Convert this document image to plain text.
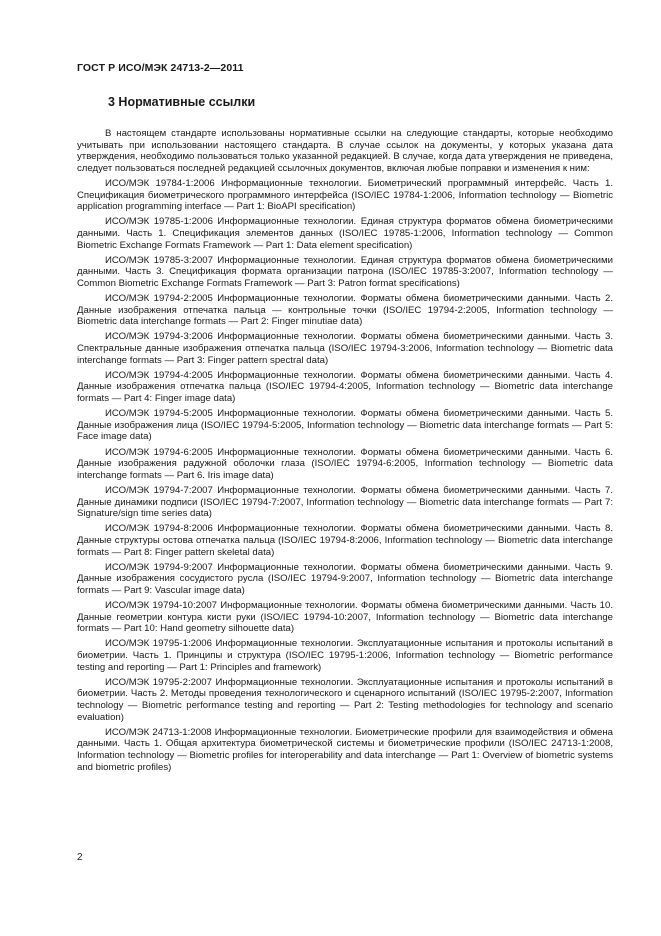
ГОСТ Р ИСО/МЭК 24713-2—2011
3 Нормативные ссылки

В настоящем стандарте использованы нормативные ссылки на следующие стандарты, которые необходимо учитывать при использовании настоящего стандарта. В случае ссылок на документы, у которых указана дата утверждения, необходимо пользоваться только указанной редакцией. В случае, когда дата утверждения не приведена, следует пользоваться последней редакцией ссылочных документов, включая любые поправки и изменения к ним:

ИСО/МЭК 19784-1:2006 Информационные технологии. Биометрический программный интерфейс. Часть 1. Спецификация биометрического программного интерфейса (ISO/IEC 19784-1:2006, Information technology — Biometric application programming interface — Part 1: BioAPI specification)

ИСО/МЭК 19785-1:2006 Информационные технологии. Единая структура форматов обмена биометрическими данными. Часть 1. Спецификация элементов данных (ISO/IEC 19785-1:2006, Information technology — Common Biometric Exchange Formats Framework — Part 1: Data element specification)

ИСО/МЭК 19785-3:2007 Информационные технологии. Единая структура форматов обмена биометрическими данными. Часть 3. Спецификация формата организации патрона (ISO/IEC 19785-3:2007, Information technology — Common Biometric Exchange Formats Framework — Part 3: Patron format specifications)

ИСО/МЭК 19794-2:2005 Информационные технологии. Форматы обмена биометрическими данными. Часть 2. Данные изображения отпечатка пальца — контрольные точки (ISO/IEC 19794-2:2005, Information technology — Biometric data interchange formats — Part 2: Finger minutiae data)

ИСО/МЭК 19794-3:2006 Информационные технологии. Форматы обмена биометрическими данными. Часть 3. Спектральные данные изображения отпечатка пальца (ISO/IEC 19794-3:2006, Information technology — Biometric data interchange formats — Part 3: Finger pattern spectral data)

ИСО/МЭК 19794-4:2005 Информационные технологии. Форматы обмена биометрическими данными. Часть 4. Данные изображения отпечатка пальца (ISO/IEC 19794-4:2005, Information technology — Biometric data interchange formats — Part 4: Finger image data)

ИСО/МЭК 19794-5:2005 Информационные технологии. Форматы обмена биометрическими данными. Часть 5. Данные изображения лица (ISO/IEC 19794-5:2005, Information technology — Biometric data interchange formats — Part 5: Face image data)

ИСО/МЭК 19794-6:2005 Информационные технологии. Форматы обмена биометрическими данными. Часть 6. Данные изображения радужной оболочки глаза (ISO/IEC 19794-6:2005, Information technology — Biometric data interchange formats — Part 6. Iris image data)

ИСО/МЭК 19794-7:2007 Информационные технологии. Форматы обмена биометрическими данными. Часть 7. Данные динамики подписи (ISO/IEC 19794-7:2007, Information technology — Biometric data interchange formats — Part 7: Signature/sign time series data)

ИСО/МЭК 19794-8:2006 Информационные технологии. Форматы обмена биометрическими данными. Часть 8. Данные структуры остова отпечатка пальца (ISO/IEC 19794-8:2006, Information technology — Biometric data interchange formats — Part 8: Finger pattern skeletal data)

ИСО/МЭК 19794-9:2007 Информационные технологии. Форматы обмена биометрическими данными. Часть 9. Данные изображения сосудистого русла (ISO/IEC 19794-9:2007, Information technology — Biometric data interchange formats — Part 9: Vascular image data)

ИСО/МЭК 19794-10:2007 Информационные технологии. Форматы обмена биометрическими данными. Часть 10. Данные геометрии контура кисти руки (ISO/IEC 19794-10:2007, Information technology — Biometric data interchange formats — Part 10: Hand geometry silhouette data)

ИСО/МЭК 19795-1:2006 Информационные технологии. Эксплуатационные испытания и протоколы испытаний в биометрии. Часть 1. Принципы и структура (ISO/IEC 19795-1:2006, Information technology — Biometric performance testing and reporting — Part 1: Principles and framework)

ИСО/МЭК 19795-2:2007 Информационные технологии. Эксплуатационные испытания и протоколы испытаний в биометрии. Часть 2. Методы проведения технологического и сценарного испытаний (ISO/IEC 19795-2:2007, Information technology — Biometric performance testing and reporting — Part 2: Testing methodologies for technology and scenario evaluation)

ИСО/МЭК 24713-1:2008 Информационные технологии. Биометрические профили для взаимодействия и обмена данными. Часть 1. Общая архитектура биометрической системы и биометрические профили (ISO/IEC 24713-1:2008, Information technology — Biometric profiles for interoperability and data interchange — Part 1: Overview of biometric systems and biometric profiles)

2
